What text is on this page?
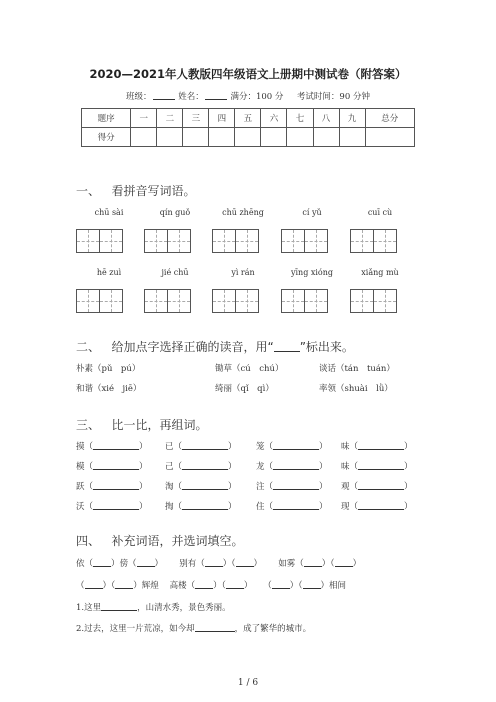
2020—2021年人教版四年级语文上册期中测试卷（附答案）
班级：	姓名：	满分：100 分 考试时间：90 分钟
题序	一	二	三	四	五	六	七	八	九	总分
得分										
一、 看拼音写词语。
chū sài	qín guǒ	chū zhēng	cí yǔ	cuī cù
hē zuì	jié chū	yì rán	yīng xióng	xiǎng mù
二、 给加点字选择正确的读音，用“ ”标出来。
朴素（pǔ　pú）	锄草（cú　chú）	谈话（tán　tuán）
和谐（xié　jiē）	绮丽（qǐ　qì）	率领（shuài　lǜ）
三、 比一比，再组词。
摸（	） 已（	） 笼（	） 味（	）
模（	） 己（	） 龙（	） 味（	）
跃（	） 淘（	） 注（	） 观（	）
沃（	） 掏（	） 住（	） 现（	）
四、 补充词语，并选词填空。
依（ ）傍（ ） 别有（ ）（ ） 如雾（ ）（ ）
（ ）（ ）辉煌 高楼（ ）（ ） （ ）（ ）相间
1.这里	，山清水秀，景色秀丽。
2.过去，这里一片荒凉，如今却	，成了繁华的城市。
1 / 6
